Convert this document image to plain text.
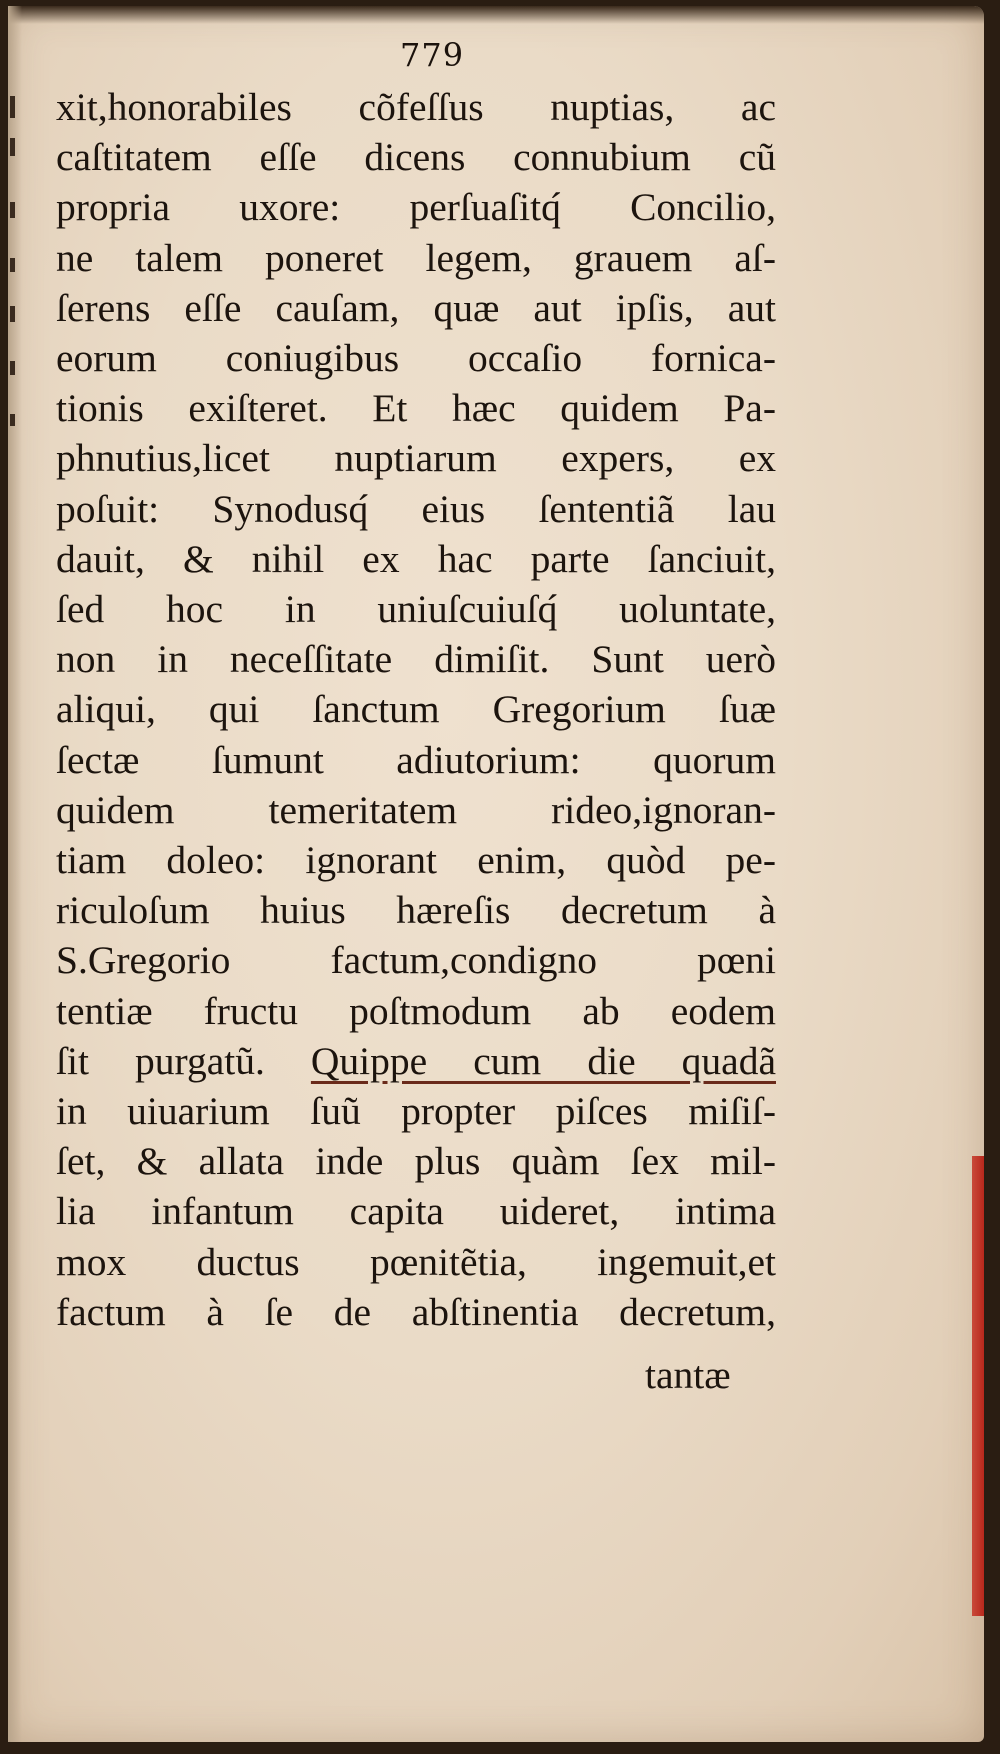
779
xit,honorabiles cõfeſſus nuptias, ac
caſtitatem eſſe dicens connubium cũ
propria uxore: perſuaſitq́ Concilio,
ne talem poneret legem, grauem aſ-
ſerens eſſe cauſam, quæ aut ipſis, aut
eorum coniugibus occaſio fornica-
tionis exiſteret. Et hæc quidem Pa-
phnutius,licet nuptiarum expers, ex
poſuit: Synodusq́ eius ſententiã lau
dauit, & nihil ex hac parte ſanciuit,
ſed hoc in uniuſcuiuſq́ uoluntate,
non in neceſſitate dimiſit. Sunt uerò
aliqui, qui ſanctum Gregorium ſuæ
ſectæ ſumunt adiutorium: quorum
quidem temeritatem rideo,ignoran-
tiam doleo: ignorant enim, quòd pe-
riculoſum huius hæreſis decretum à
S.Gregorio factum,condigno pœni
tentiæ fructu poſtmodum ab eodem
ſit purgatũ. Quippe cum die quadã
in uiuarium ſuũ propter piſces miſiſ-
ſet, & allata inde plus quàm ſex mil-
lia infantum capita uideret, intima
mox ductus pœnitẽtia, ingemuit,et
factum à ſe de abſtinentia decretum,
tantæ
